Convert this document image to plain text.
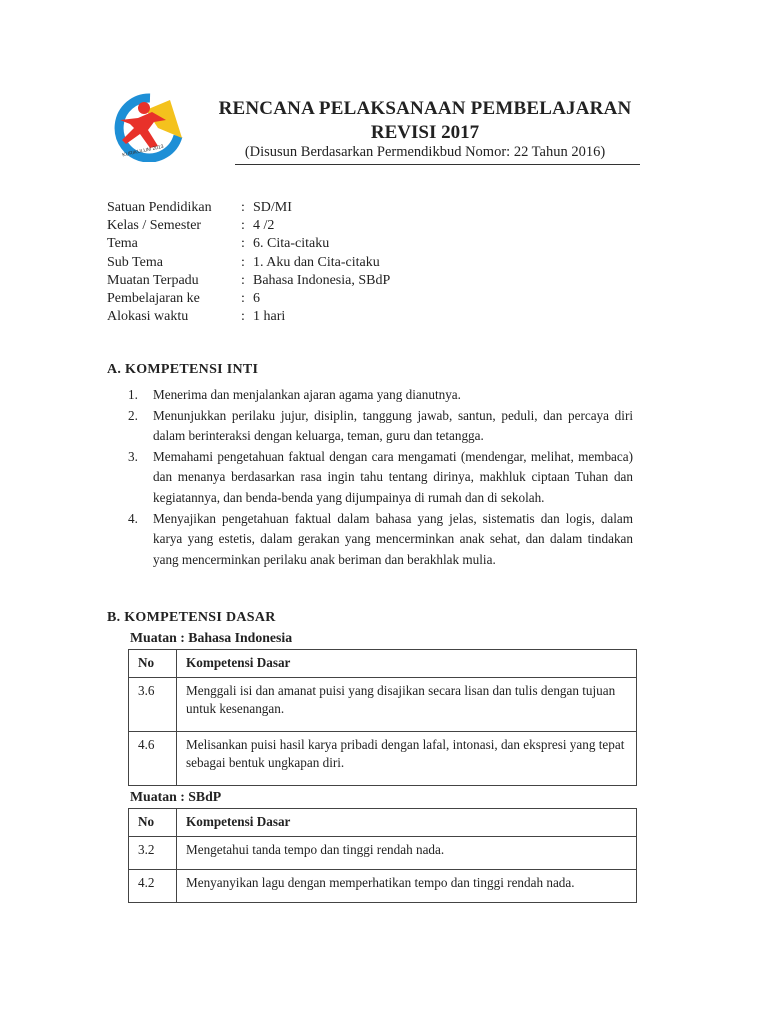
KURIKULUM 2013
RENCANA PELAKSANAAN PEMBELAJARAN
REVISI 2017
(Disusun Berdasarkan Permendikbud Nomor: 22 Tahun 2016)
Satuan Pendidikan : SD/MI
Kelas / Semester	: 4 /2
Tema	: 6. Cita-citaku
Sub Tema	: 1. Aku dan Cita-citaku
Muatan Terpadu	: Bahasa Indonesia, SBdP
Pembelajaran ke	: 6
Alokasi waktu	: 1 hari
A. KOMPETENSI INTI
1.	Menerima dan menjalankan ajaran agama yang dianutnya.
2.	Menunjukkan perilaku jujur, disiplin, tanggung jawab, santun, peduli, dan percaya diri dalam berinteraksi dengan keluarga, teman, guru dan tetangga.
3.	Memahami pengetahuan faktual dengan cara mengamati (mendengar, melihat, membaca) dan menanya berdasarkan rasa ingin tahu tentang dirinya, makhluk ciptaan Tuhan dan kegiatannya, dan benda-benda yang dijumpainya di rumah dan di sekolah.
4.	Menyajikan pengetahuan faktual dalam bahasa yang jelas, sistematis dan logis, dalam karya yang estetis, dalam gerakan yang mencerminkan anak sehat, dan dalam tindakan yang mencerminkan perilaku anak beriman dan berakhlak mulia.
B. KOMPETENSI DASAR
Muatan : Bahasa Indonesia
No	Kompetensi Dasar
3.6	Menggali isi dan amanat puisi yang disajikan secara lisan dan tulis dengan tujuan untuk kesenangan.
4.6	Melisankan puisi hasil karya pribadi dengan lafal, intonasi, dan ekspresi yang tepat sebagai bentuk ungkapan diri.
Muatan : SBdP
No	Kompetensi Dasar
3.2	Mengetahui tanda tempo dan tinggi rendah nada.
4.2	Menyanyikan lagu dengan memperhatikan tempo dan tinggi rendah nada.
